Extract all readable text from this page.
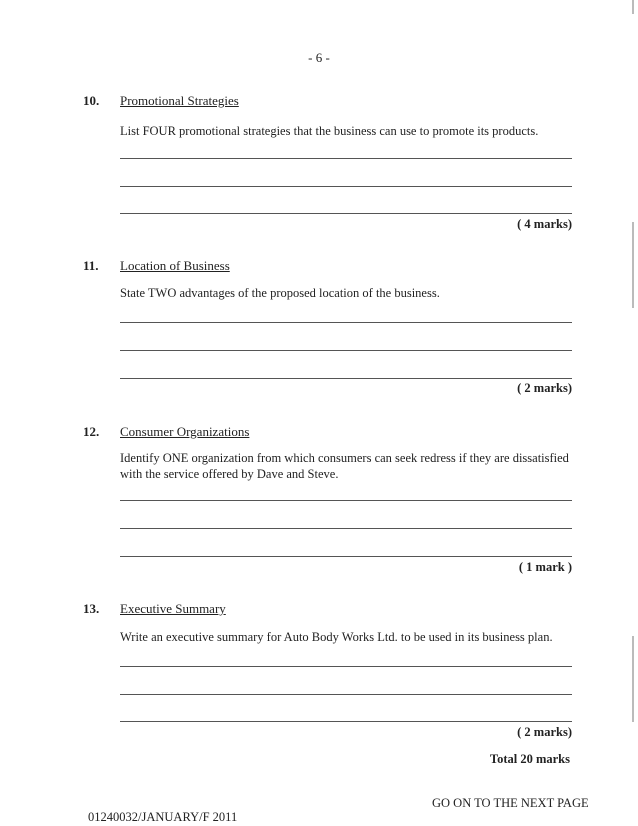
- 6 -
10. Promotional Strategies
List FOUR promotional strategies that the business can use to promote its products.
( 4 marks)
11. Location of Business
State TWO advantages of the proposed location of the business.
( 2 marks)
12. Consumer Organizations
Identify ONE organization from which consumers can seek redress if they are dissatisfied with the service offered by Dave and Steve.
( 1 mark )
13. Executive Summary
Write an executive summary for Auto Body Works Ltd. to be used in its business plan.
( 2 marks)
Total 20 marks
GO ON TO THE NEXT PAGE
01240032/JANUARY/F 2011
